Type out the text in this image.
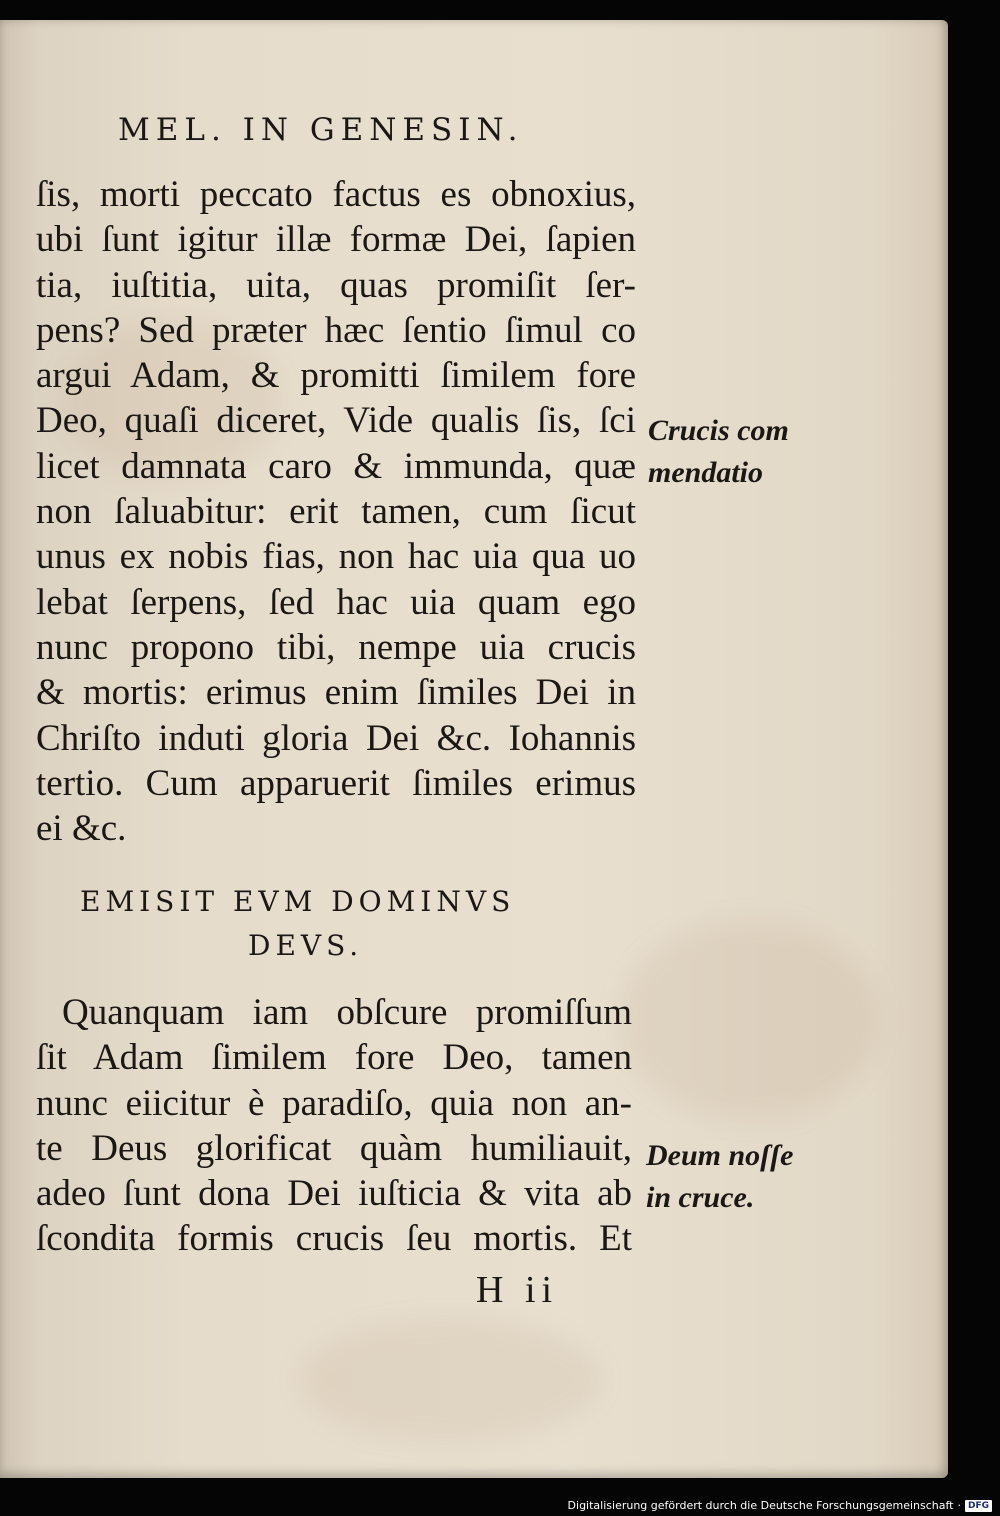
MEL. IN GENESIN.
ſis, morti peccato factus es obnoxius,
ubi ſunt igitur illæ formæ Dei, ſapien
tia, iuſtitia, uita, quas promiſit ſer-
pens? Sed præter hæc ſentio ſimul co
argui Adam, & promitti ſimilem fore
Deo, quaſi diceret, Vide qualis ſis, ſci
licet damnata caro & immunda, quæ
non ſaluabitur: erit tamen, cum ſicut
unus ex nobis fias, non hac uia qua uo
lebat ſerpens, ſed hac uia quam ego
nunc propono tibi, nempe uia crucis
& mortis: erimus enim ſimiles Dei in
Chriſto induti gloria Dei &c. Iohannis
tertio. Cum apparuerit ſimiles erimus
ei &c.
EMISIT EVM DOMINVS
DEVS.
Quanquam iam obſcure promiſſum
ſit Adam ſimilem fore Deo, tamen
nunc eiicitur è paradiſo, quia non an-
te Deus glorificat quàm humiliauit,
adeo ſunt dona Dei iuſticia & vita ab
ſcondita formis crucis ſeu mortis. Et
Crucis com
mendatio
Deum noſſe
in cruce.
H ii
Digitalisierung gefördert durch die Deutsche Forschungsgemeinschaft · DFG
